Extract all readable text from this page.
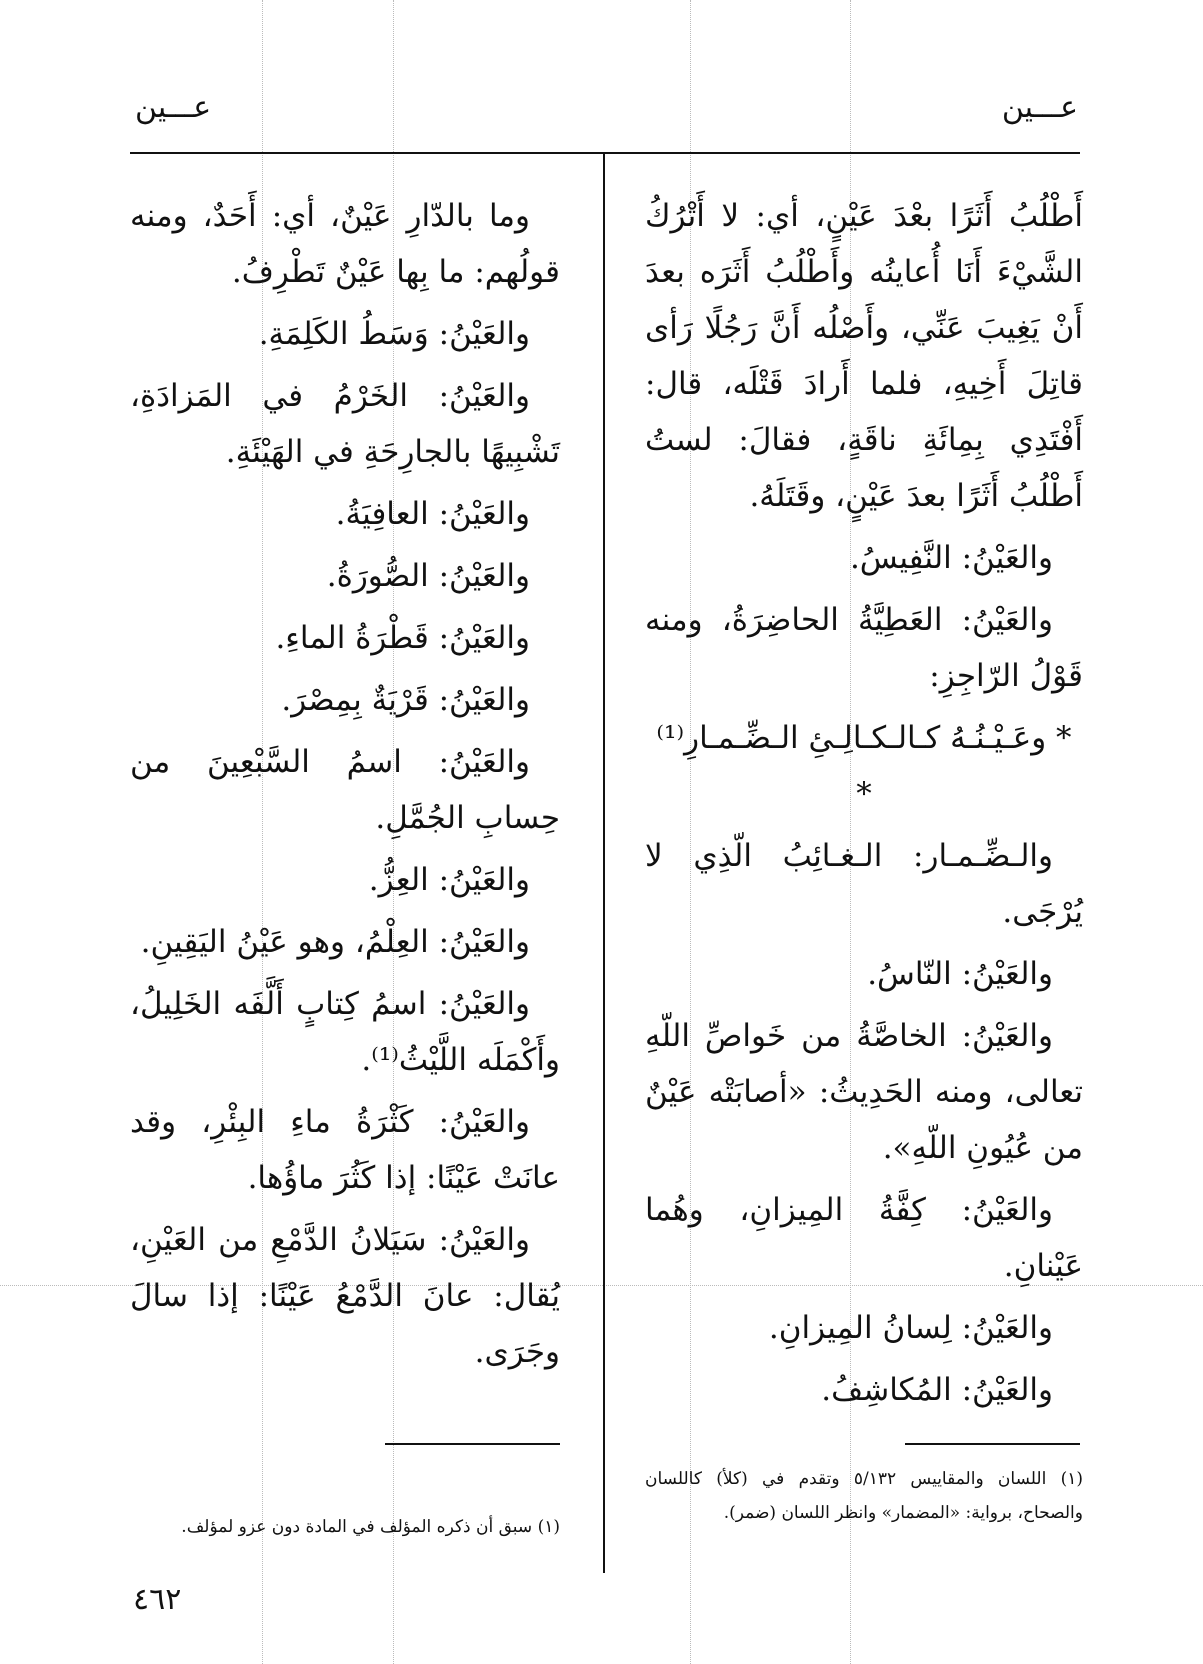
عـــين
عـــين

أَطْلُبُ أَثَرًا بعْدَ عَيْنٍ، أي: لا أَتْرُكُ الشَّيْءَ أَنَا أُعاينُه وأَطْلُبُ أَثَرَه بعدَ أَنْ يَغِيبَ عَنِّي، وأَصْلُه أَنَّ رَجُلًا رَأى قاتِلَ أَخِيهِ، فلما أَرادَ قَتْلَه، قال: أَفْتَدِي بِمِائَةِ ناقَةٍ، فقالَ: لستُ أَطْلُبُ أَثَرًا بعدَ عَيْنٍ، وقَتَلَهُ.

والعَيْنُ: النَّفِيسُ.

والعَيْنُ: العَطِيَّةُ الحاضِرَةُ، ومنه قَوْلُ الرّاجِزِ:

* وعَـيْـنُـهُ كـالـكـالِـئِ الـضِّـمـارِ⁽¹⁾ *

والـضِّـمـار: الـغـائِبُ الّذِي لا يُرْجَى.

والعَيْنُ: النّاسُ.

والعَيْنُ: الخاصَّةُ من خَواصِّ اللّهِ تعالى، ومنه الحَدِيثُ: «أصابَتْه عَيْنٌ من عُيُونِ اللّهِ».

والعَيْنُ: كِفَّةُ المِيزانِ، وهُما عَيْنانِ.

والعَيْنُ: لِسانُ المِيزانِ.

والعَيْنُ: المُكاشِفُ.

وما بالدّارِ عَيْنٌ، أي: أَحَدٌ، ومنه قولُهم: ما بِها عَيْنٌ تَطْرِفُ.

والعَيْنُ: وَسَطُ الكَلِمَةِ.

والعَيْنُ: الخَرْمُ في المَزادَةِ، تَشْبِيهًا بالجارِحَةِ في الهَيْئَةِ.

والعَيْنُ: العافِيَةُ.

والعَيْنُ: الصُّورَةُ.

والعَيْنُ: قَطْرَةُ الماءِ.

والعَيْنُ: قَرْيَةٌ بِمِصْرَ.

والعَيْنُ: اسمُ السَّبْعِينَ من حِسابِ الجُمَّلِ.

والعَيْنُ: العِزُّ.

والعَيْنُ: العِلْمُ، وهو عَيْنُ اليَقِينِ.

والعَيْنُ: اسمُ كِتابٍ أَلَّفَه الخَلِيلُ، وأَكْمَلَه اللَّيْثُ⁽¹⁾.

والعَيْنُ: كَثْرَةُ ماءِ البِئْرِ، وقد عانَتْ عَيْنًا: إذا كَثُرَ ماؤُها.

والعَيْنُ: سَيَلانُ الدَّمْعِ من العَيْنِ، يُقال: عانَ الدَّمْعُ عَيْنًا: إذا سالَ وجَرَى.

(١) اللسان والمقاييس ٥/١٣٢ وتقدم في (كلأ) كاللسان والصحاح، برواية: «المضمار» وانظر اللسان (ضمر).
(١) سبق أن ذكره المؤلف في المادة دون عزو لمؤلف.
٤٦٢
